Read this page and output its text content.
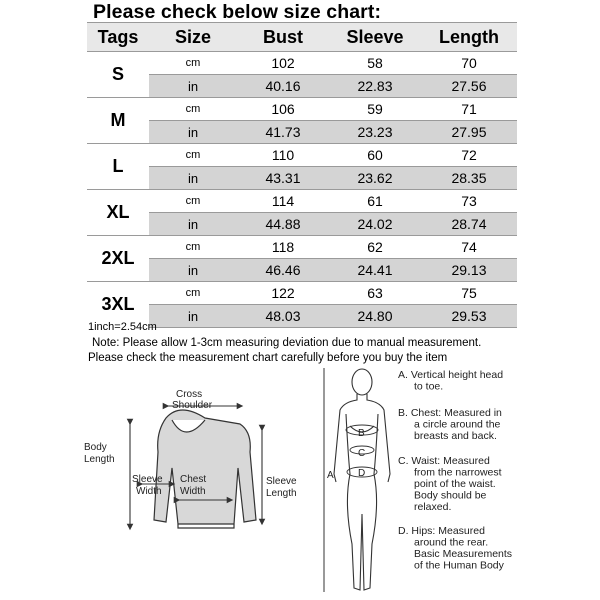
Please check below size chart:
Tags	Size	Bust	Sleeve	Length
S	cm	102	58	70
	in	40.16	22.83	27.56
M	cm	106	59	71
	in	41.73	23.23	27.95
L	cm	110	60	72
	in	43.31	23.62	28.35
XL	cm	114	61	73
	in	44.88	24.02	28.74
2XL	cm	118	62	74
	in	46.46	24.41	29.13
3XL	cm	122	63	75
	in	48.03	24.80	29.53
1inch=2.54cm
Note: Please allow 1-3cm measuring deviation due to manual measurement.
Please check the measurement chart carefully before you buy the item
Cross
Shoulder
Body
Length
Sleeve
Width
Chest
Width
Sleeve
Length
A
B
C
D
A. Vertical height head
to toe.
B. Chest: Measured in
a circle around the
breasts and back.
C. Waist: Measured
from the narrowest
point of the waist.
Body should be
relaxed.
D. Hips: Measured
around the rear.
Basic Measurements
of the Human Body
